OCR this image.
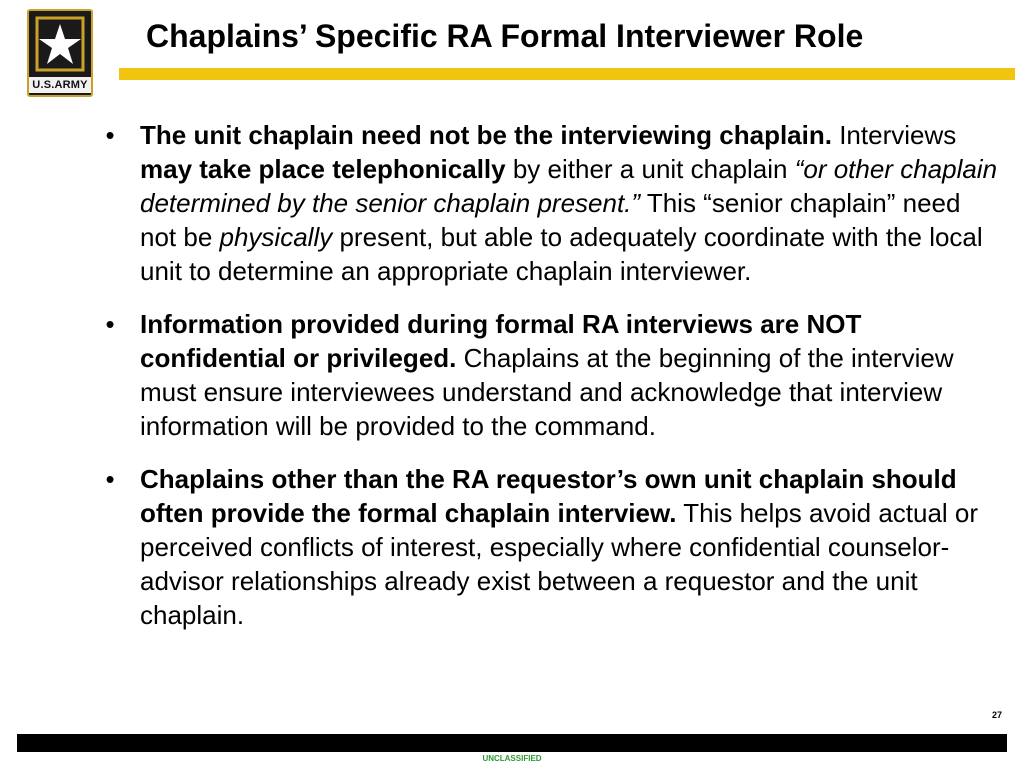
U.S.ARMY
Chaplains’ Specific RA Formal Interviewer Role
• The unit chaplain need not be the interviewing chaplain. Interviews may take place telephonically by either a unit chaplain “or other chaplain determined by the senior chaplain present.” This “senior chaplain” need not be physically present, but able to adequately coordinate with the local unit to determine an appropriate chaplain interviewer.
• Information provided during formal RA interviews are NOT confidential or privileged. Chaplains at the beginning of the interview must ensure interviewees understand and acknowledge that interview information will be provided to the command.
• Chaplains other than the RA requestor’s own unit chaplain should often provide the formal chaplain interview. This helps avoid actual or perceived conflicts of interest, especially where confidential counselor-advisor relationships already exist between a requestor and the unit chaplain.
27
UNCLASSIFIED
